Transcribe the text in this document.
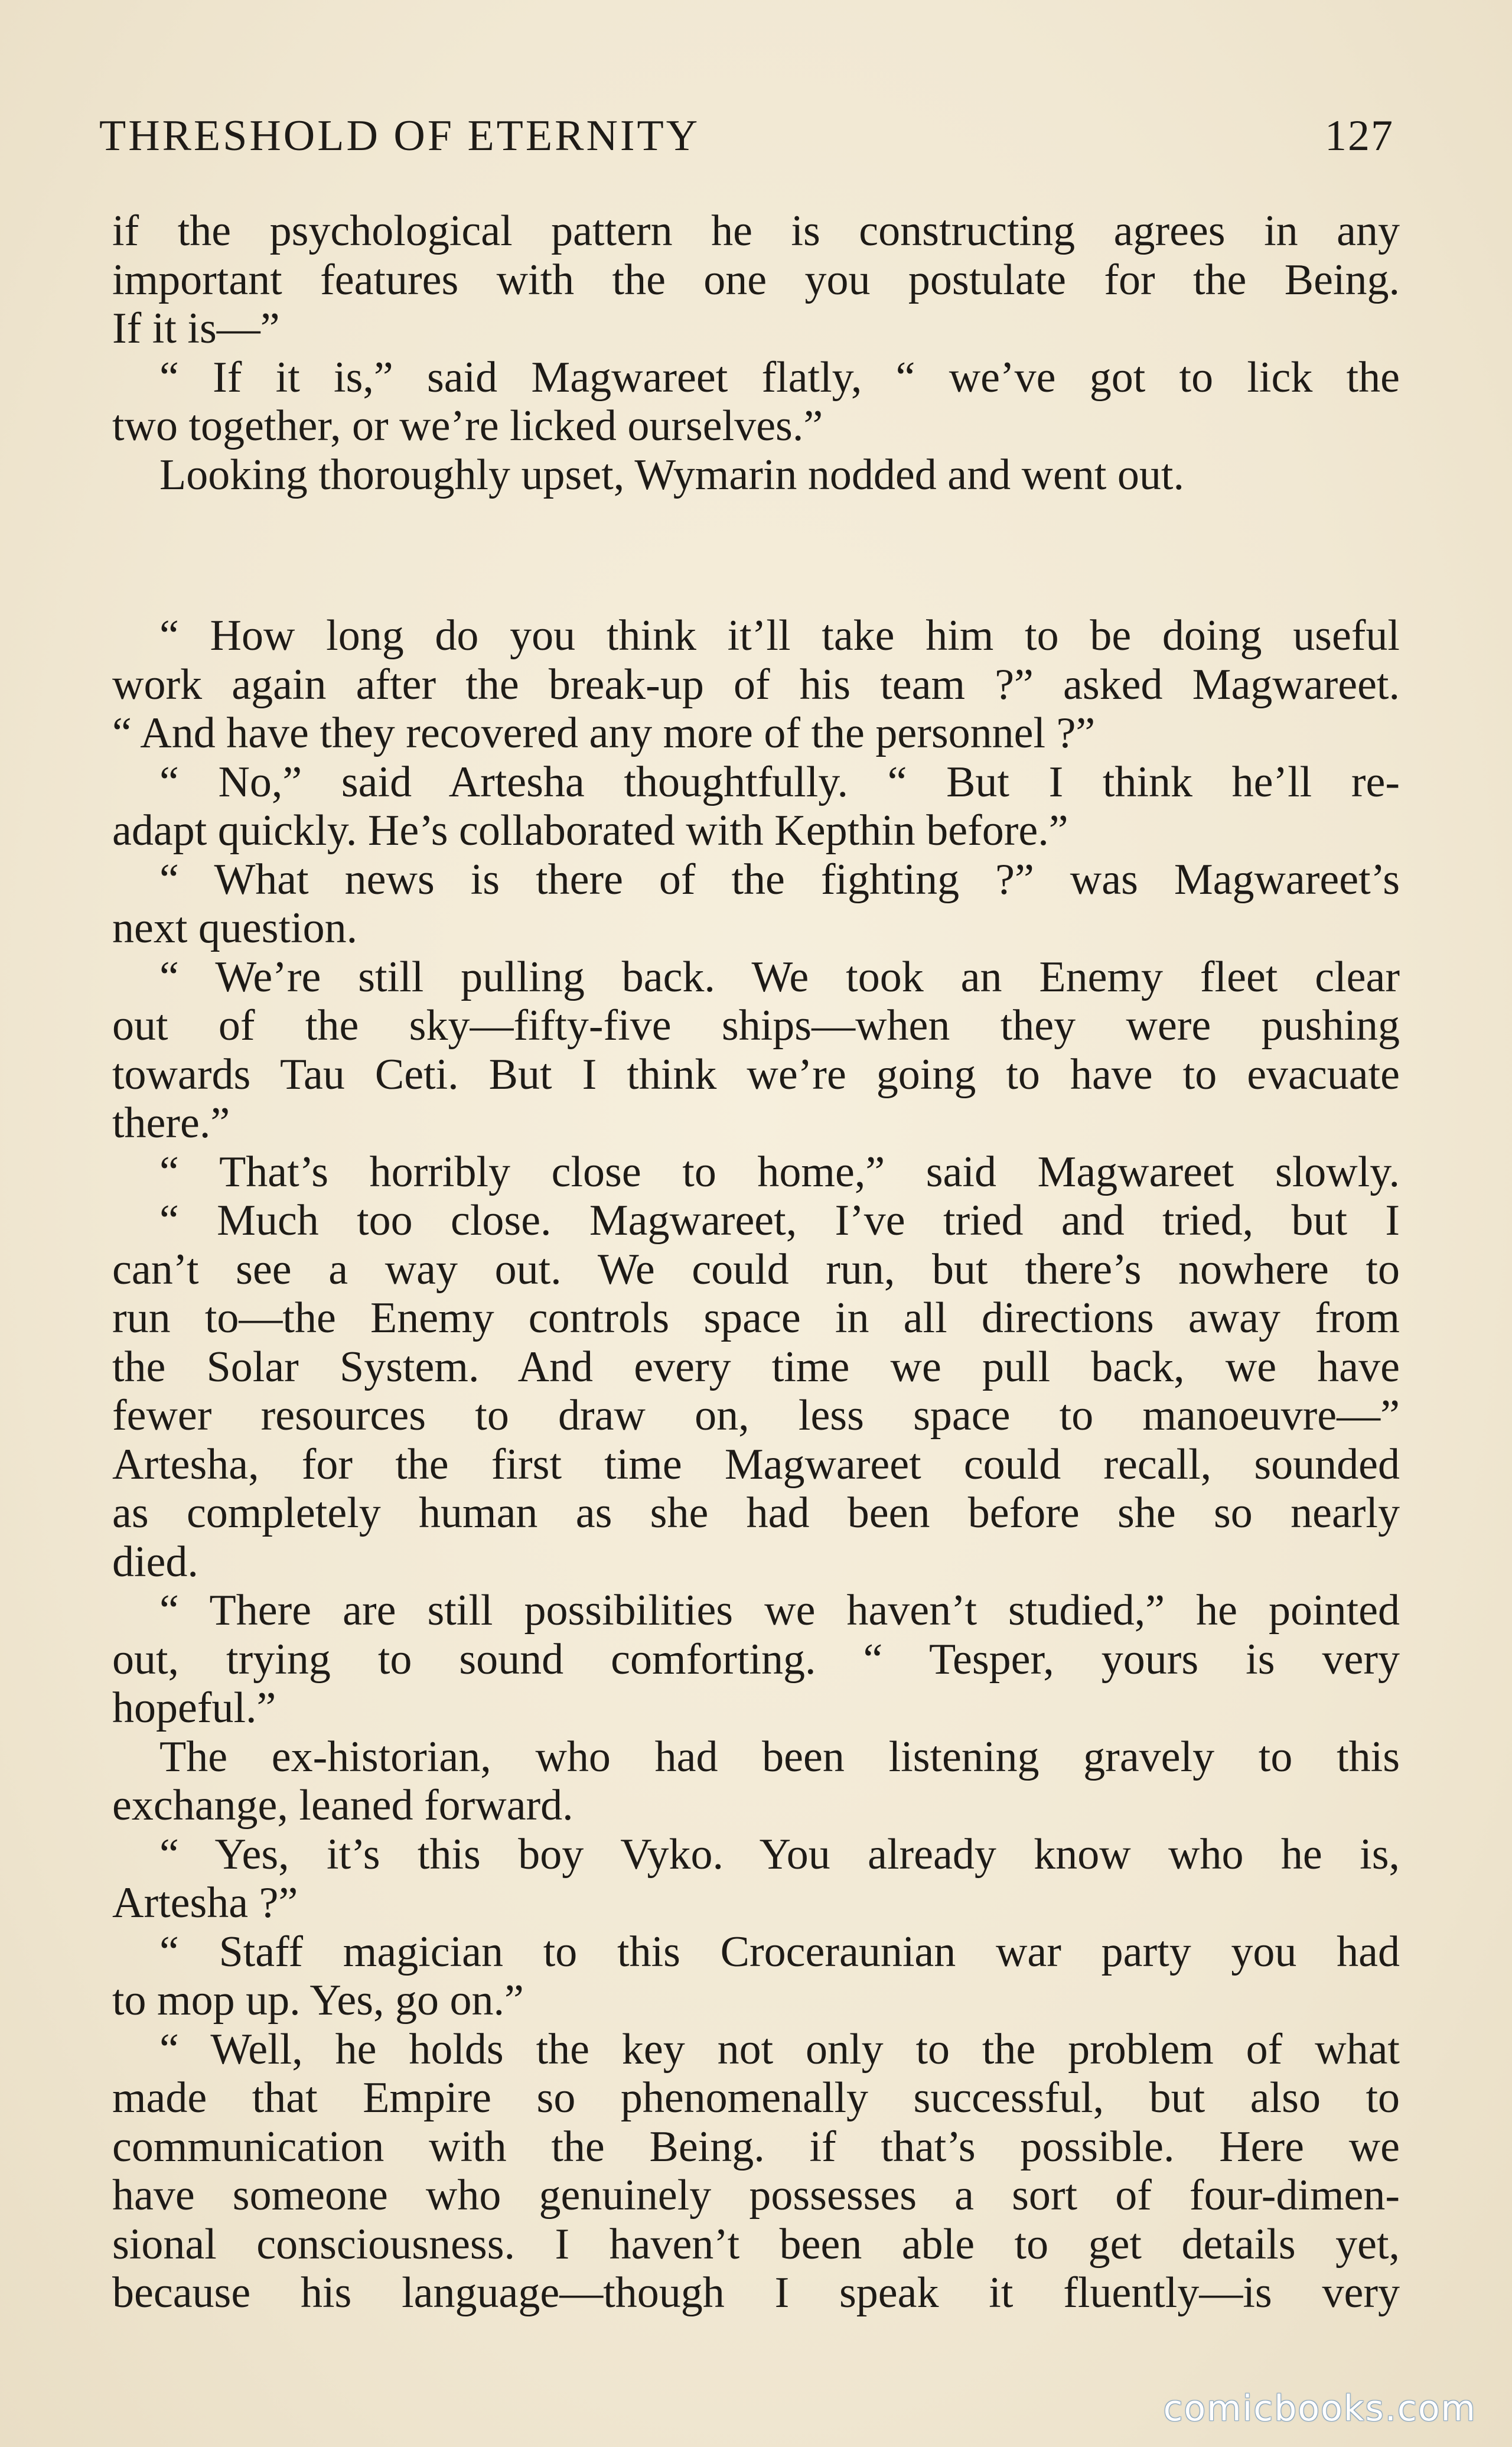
THRESHOLD OF ETERNITY	127
if the psychological pattern he is constructing agrees in any
important features with the one you postulate for the Being.
If it is—”
“ If it is,” said Magwareet flatly, “ we’ve got to lick the
two together, or we’re licked ourselves.”
Looking thoroughly upset, Wymarin nodded and went out.
“ How long do you think it’ll take him to be doing useful
work again after the break-up of his team ?” asked Magwareet.
“ And have they recovered any more of the personnel ?”
“ No,” said Artesha thoughtfully. “ But I think he’ll re-
adapt quickly. He’s collaborated with Kepthin before.”
“ What news is there of the fighting ?” was Magwareet’s
next question.
“ We’re still pulling back. We took an Enemy fleet clear
out of the sky—fifty-five ships—when they were pushing
towards Tau Ceti. But I think we’re going to have to evacuate
there.”
“ That’s horribly close to home,” said Magwareet slowly.
“ Much too close. Magwareet, I’ve tried and tried, but I
can’t see a way out. We could run, but there’s nowhere to
run to—the Enemy controls space in all directions away from
the Solar System. And every time we pull back, we have
fewer resources to draw on, less space to manoeuvre—”
Artesha, for the first time Magwareet could recall, sounded
as completely human as she had been before she so nearly
died.
“ There are still possibilities we haven’t studied,” he pointed
out, trying to sound comforting. “ Tesper, yours is very
hopeful.”
The ex-historian, who had been listening gravely to this
exchange, leaned forward.
“ Yes, it’s this boy Vyko. You already know who he is,
Artesha ?”
“ Staff magician to this Croceraunian war party you had
to mop up. Yes, go on.”
“ Well, he holds the key not only to the problem of what
made that Empire so phenomenally successful, but also to
communication with the Being. if that’s possible. Here we
have someone who genuinely possesses a sort of four-dimen-
sional consciousness. I haven’t been able to get details yet,
because his language—though I speak it fluently—is very
comicbooks.com
